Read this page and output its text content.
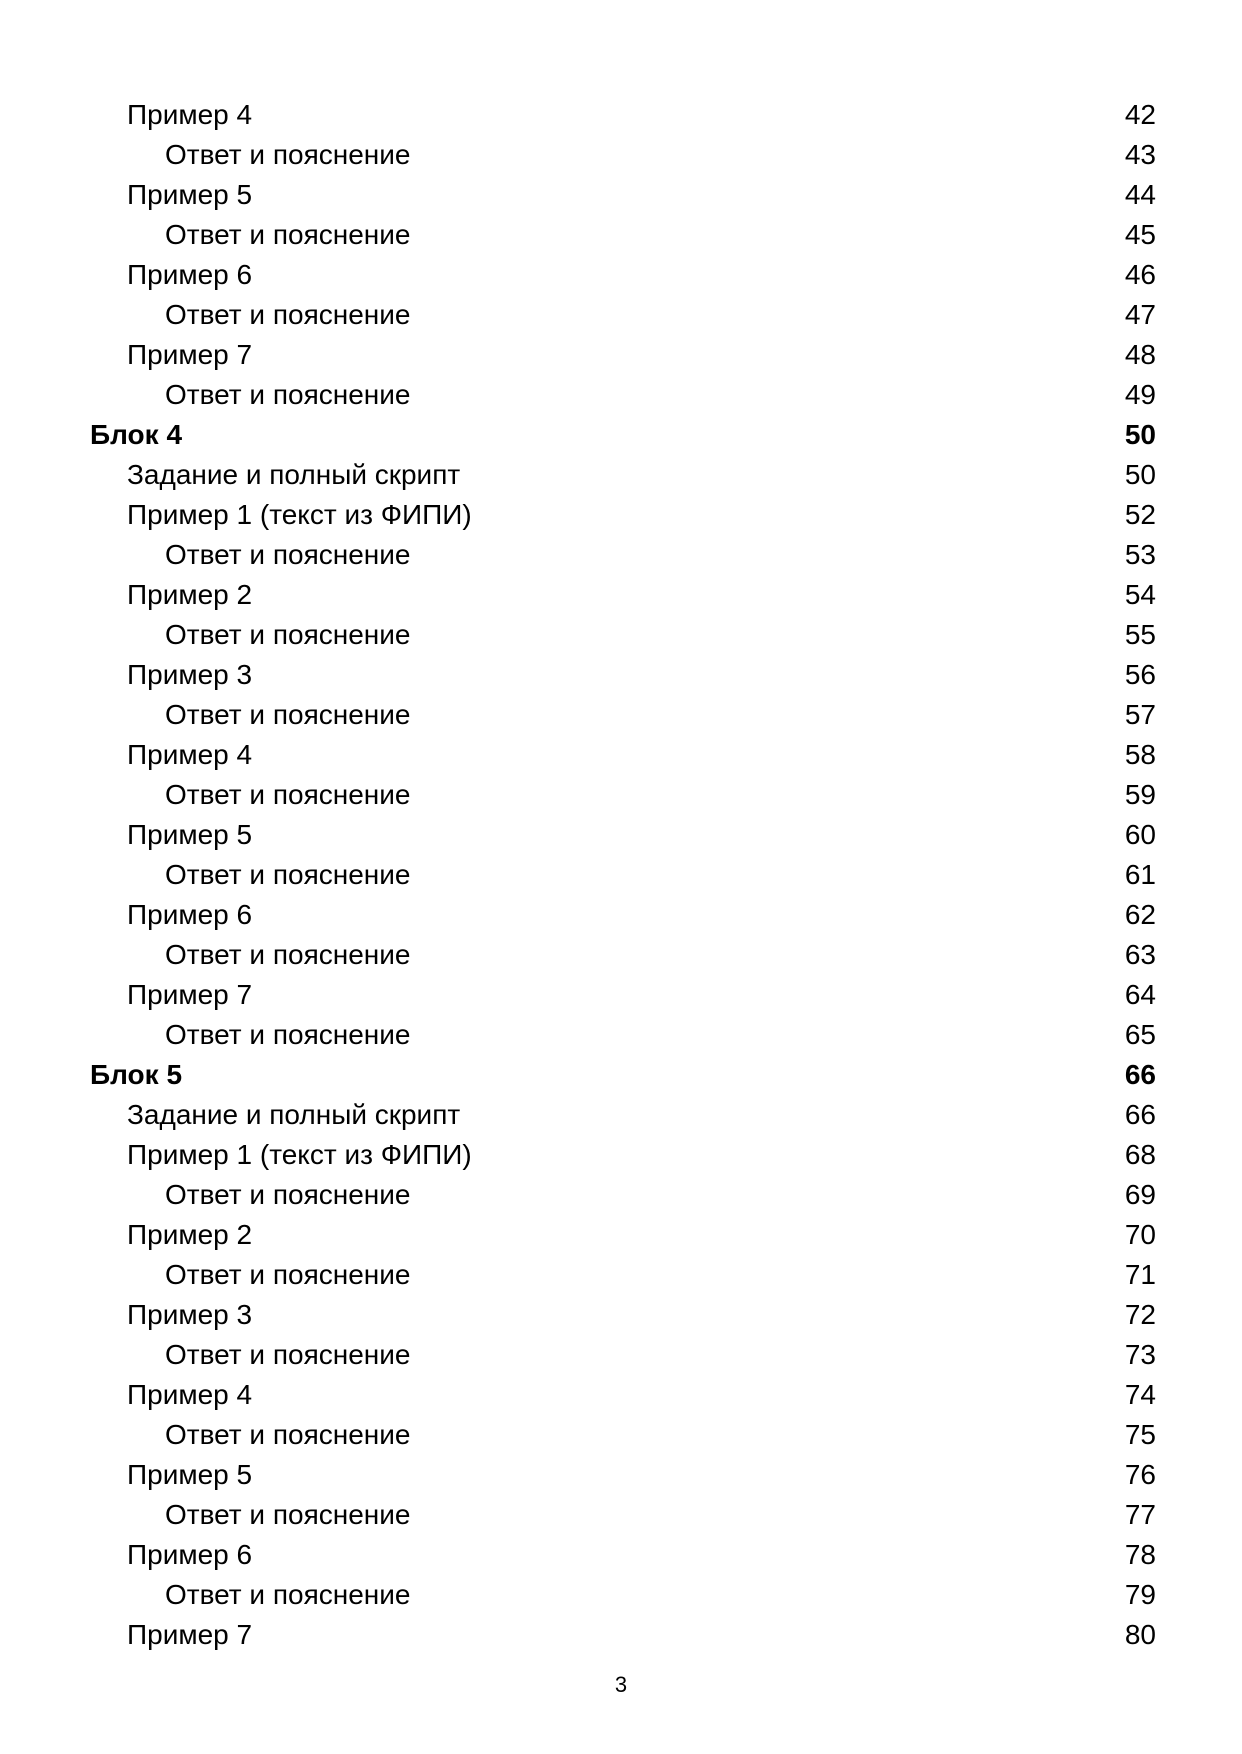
Пример 4	42
Ответ и пояснение	43
Пример 5	44
Ответ и пояснение	45
Пример 6	46
Ответ и пояснение	47
Пример 7	48
Ответ и пояснение	49
Блок 4	50
Задание и полный скрипт	50
Пример 1 (текст из ФИПИ)	52
Ответ и пояснение	53
Пример 2	54
Ответ и пояснение	55
Пример 3	56
Ответ и пояснение	57
Пример 4	58
Ответ и пояснение	59
Пример 5	60
Ответ и пояснение	61
Пример 6	62
Ответ и пояснение	63
Пример 7	64
Ответ и пояснение	65
Блок 5	66
Задание и полный скрипт	66
Пример 1 (текст из ФИПИ)	68
Ответ и пояснение	69
Пример 2	70
Ответ и пояснение	71
Пример 3	72
Ответ и пояснение	73
Пример 4	74
Ответ и пояснение	75
Пример 5	76
Ответ и пояснение	77
Пример 6	78
Ответ и пояснение	79
Пример 7	80
3
